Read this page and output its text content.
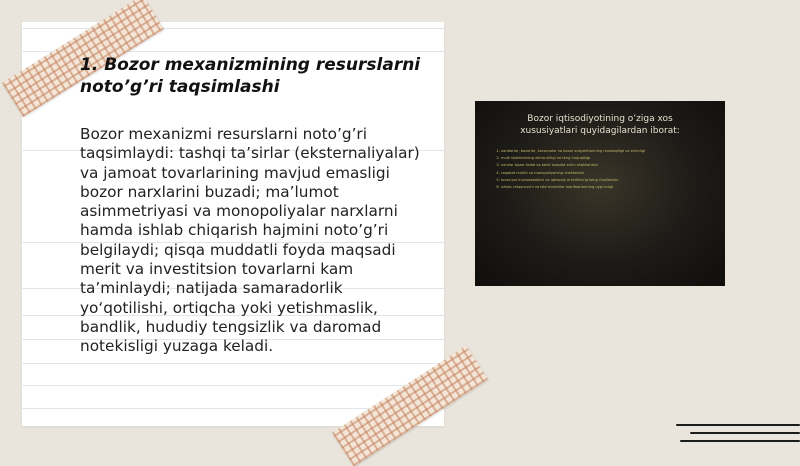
1. Bozor mexanizmining resurslarni
noto’g’ri taqsimlashi

Bozor mexanizmi resurslarni noto’g’ri taqsimlaydi: tashqi ta’sirlar (eksternaliyalar) va jamoat tovarlarining mavjud emasligi bozor narxlarini buzadi; ma’lumot asimmetriyasi va monopoliyalar narxlarni hamda ishlab chiqarish hajmini noto’g’ri belgilaydi; qisqa muddatli foyda maqsadi merit va investitsion tovarlarni kam ta’minlaydi; natijada samaradorlik yo‘qotilishi, ortiqcha yoki yetishmaslik, bandlik, hududiy tengsizlik va daromad notekisligi yuzaga keladi.

Bozor iqtisodiyotining o’ziga xos
xususiyatlari quyidagilardan iborat:

1. xaridorlar, bozorlar, korxonalar va bozor subyektlarining mustaqilligi va erkinligi
2. mulk shakllarining xilma-xilligi va teng huquqliligi
3. narxlar bozor talab va taklif asosida erkin shakllanishi
4. raqobat muhiti va monopoliyaning cheklanishi
5. tovar-pul munosabatlari va iqtisodiy erkinlikning keng rivojlanishi
6. ishlab chiqaruvchi va iste’molchilar manfaatlarining uyg‘unligi
